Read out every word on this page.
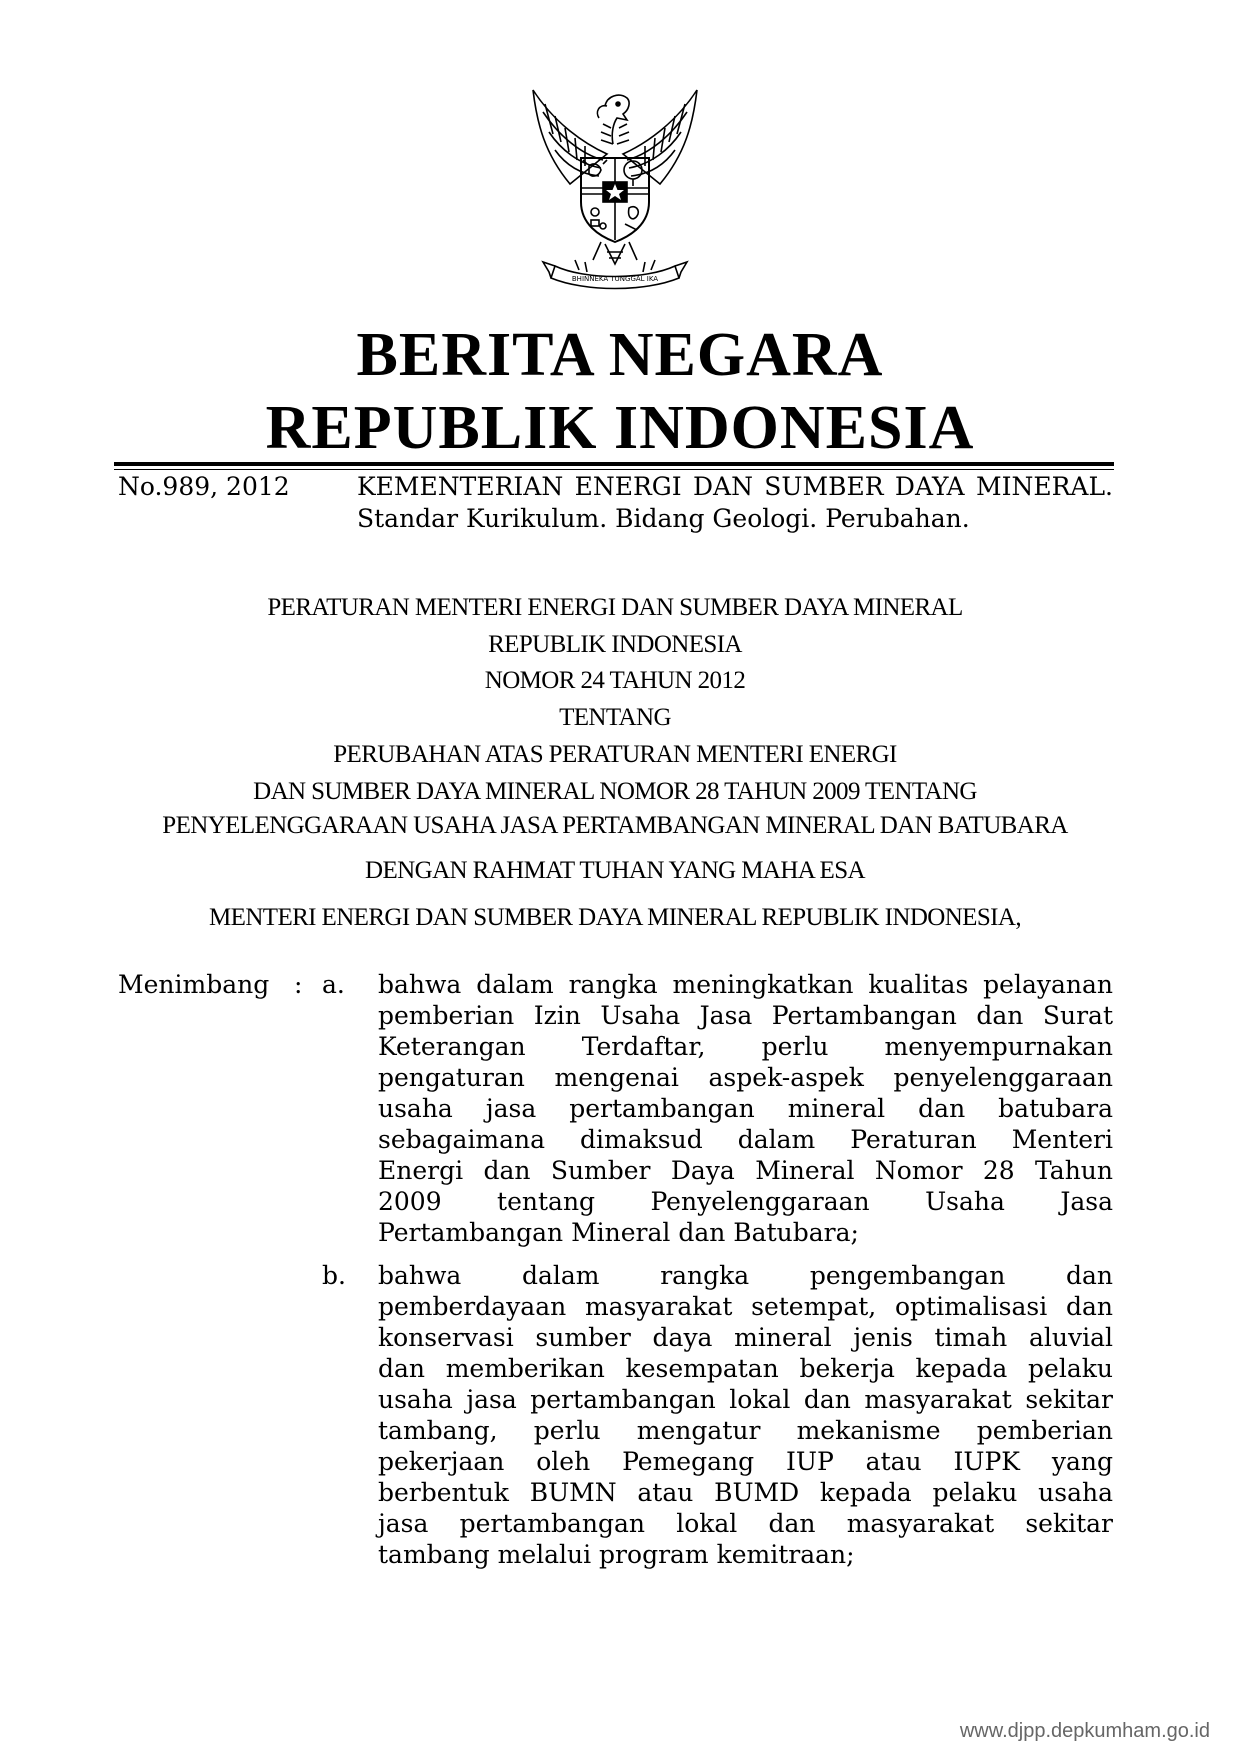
BHINNEKA TUNGGAL IKA
BERITA NEGARA
REPUBLIK INDONESIA
No.989, 2012	KEMENTERIAN ENERGI DAN SUMBER DAYA MINERAL.
Standar Kurikulum. Bidang Geologi. Perubahan.
PERATURAN MENTERI ENERGI DAN SUMBER DAYA MINERAL
REPUBLIK INDONESIA
NOMOR 24 TAHUN 2012
TENTANG
PERUBAHAN ATAS PERATURAN MENTERI ENERGI
DAN SUMBER DAYA MINERAL NOMOR 28 TAHUN 2009 TENTANG
PENYELENGGARAAN USAHA JASA PERTAMBANGAN MINERAL DAN BATUBARA
DENGAN RAHMAT TUHAN YANG MAHA ESA
MENTERI ENERGI DAN SUMBER DAYA MINERAL REPUBLIK INDONESIA,
Menimbang : a. bahwa dalam rangka meningkatkan kualitas pelayanan
pemberian Izin Usaha Jasa Pertambangan dan Surat
Keterangan Terdaftar, perlu menyempurnakan
pengaturan mengenai aspek-aspek penyelenggaraan
usaha jasa pertambangan mineral dan batubara
sebagaimana dimaksud dalam Peraturan Menteri
Energi dan Sumber Daya Mineral Nomor 28 Tahun
2009 tentang Penyelenggaraan Usaha Jasa
Pertambangan Mineral dan Batubara;
b. bahwa dalam rangka pengembangan dan
pemberdayaan masyarakat setempat, optimalisasi dan
konservasi sumber daya mineral jenis timah aluvial
dan memberikan kesempatan bekerja kepada pelaku
usaha jasa pertambangan lokal dan masyarakat sekitar
tambang, perlu mengatur mekanisme pemberian
pekerjaan oleh Pemegang IUP atau IUPK yang
berbentuk BUMN atau BUMD kepada pelaku usaha
jasa pertambangan lokal dan masyarakat sekitar
tambang melalui program kemitraan;
www.djpp.depkumham.go.id
